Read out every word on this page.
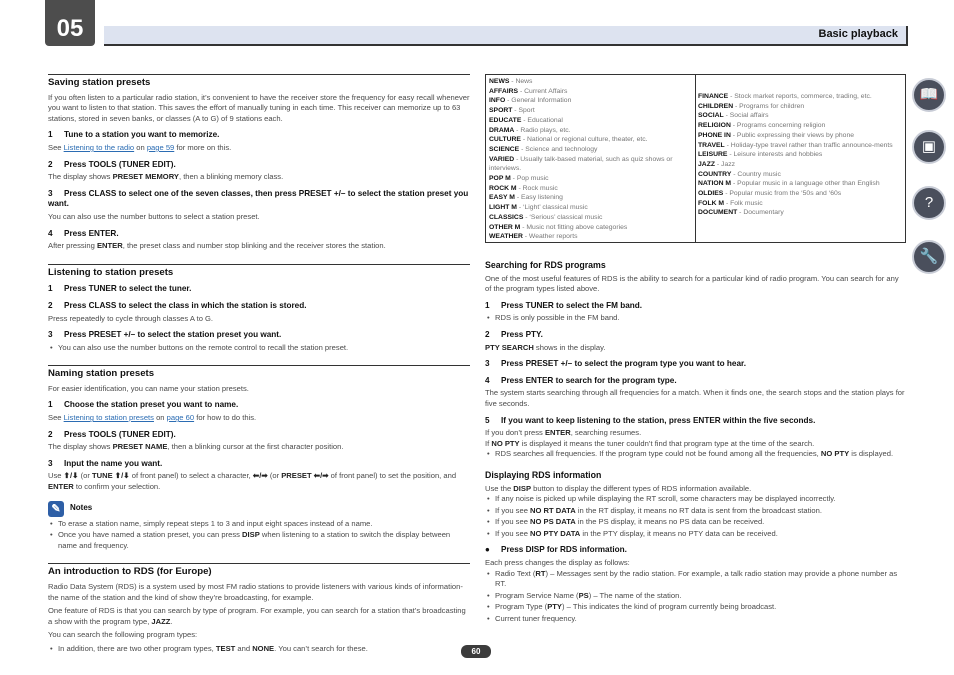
05	Basic playback
Saving station presets

If you often listen to a particular radio station, it’s convenient to have the receiver store the frequency for easy recall whenever you want to listen to that station. This saves the effort of manually tuning in each time. This receiver can memorize up to 63 stations, stored in seven banks, or classes (A to G) of 9 stations each.

1 Tune to a station you want to memorize.

See Listening to the radio on page 59 for more on this.

2 Press TOOLS (TUNER EDIT).

The display shows PRESET MEMORY, then a blinking memory class.

3 Press CLASS to select one of the seven classes, then press PRESET +/– to select the station preset you want.

You can also use the number buttons to select a station preset.

4 Press ENTER.

After pressing ENTER, the preset class and number stop blinking and the receiver stores the station.

Listening to station presets
1 Press TUNER to select the tuner.
2 Press CLASS to select the class in which the station is stored.

Press repeatedly to cycle through classes A to G.

3 Press PRESET +/– to select the station preset you want.

• You can also use the number buttons on the remote control to recall the station preset.

Naming station presets

For easier identification, you can name your station presets.

1 Choose the station preset you want to name.

See Listening to station presets on page 60 for how to do this.

2 Press TOOLS (TUNER EDIT).

The display shows PRESET NAME, then a blinking cursor at the first character position.

3 Input the name you want.

Use ⬆/⬇ (or TUNE ⬆/⬇ of front panel) to select a character, ⬅/➡ (or PRESET ⬅/➡ of front panel) to set the position, and ENTER to confirm your selection.

✎	Notes

• To erase a station name, simply repeat steps 1 to 3 and input eight spaces instead of a name.

• Once you have named a station preset, you can press DISP when listening to a station to switch the display between name and frequency.

An introduction to RDS (for Europe)

Radio Data System (RDS) is a system used by most FM radio stations to provide listeners with various kinds of information-the name of the station and the kind of show they’re broadcasting, for example.

One feature of RDS is that you can search by type of program. For example, you can search for a station that’s broadcasting a show with the program type, JAZZ.

You can search the following program types:

• In addition, there are two other program types, TEST and NONE. You can’t search for these.

NEWS - News
AFFAIRS - Current Affairs
INFO - General Information
SPORT - Sport
EDUCATE - Educational
DRAMA - Radio plays, etc.
CULTURE - National or regional culture, theater, etc.
SCIENCE - Science and technology
VARIED - Usually talk-based material, such as quiz shows or interviews.
POP M - Pop music
ROCK M - Rock music
EASY M - Easy listening
LIGHT M - ‘Light’ classical music
CLASSICS - ‘Serious’ classical music
OTHER M - Music not fitting above categories
WEATHER - Weather reports
FINANCE - Stock market reports, commerce, trading, etc.
CHILDREN - Programs for children
SOCIAL - Social affairs
RELIGION - Programs concerning religion
PHONE IN - Public expressing their views by phone
TRAVEL - Holiday-type travel rather than traffic announce-ments
LEISURE - Leisure interests and hobbies
JAZZ - Jazz
COUNTRY - Country music
NATION M - Popular music in a language other than English
OLDIES - Popular music from the ‘50s and ‘60s
FOLK M - Folk music
DOCUMENT - Documentary
Searching for RDS programs

One of the most useful features of RDS is the ability to search for a particular kind of radio program. You can search for any of the program types listed above.

1 Press TUNER to select the FM band.

• RDS is only possible in the FM band.

2 Press PTY.

PTY SEARCH shows in the display.

3 Press PRESET +/– to select the program type you want to hear.
4 Press ENTER to search for the program type.

The system starts searching through all frequencies for a match. When it finds one, the search stops and the station plays for five seconds.

5 If you want to keep listening to the station, press ENTER within the five seconds.

If you don’t press ENTER, searching resumes.

If NO PTY is displayed it means the tuner couldn’t find that program type at the time of the search.

• RDS searches all frequencies. If the program type could not be found among all the frequencies, NO PTY is displayed.

Displaying RDS information

Use the DISP button to display the different types of RDS information available.

• If any noise is picked up while displaying the RT scroll, some characters may be displayed incorrectly.

• If you see NO RT DATA in the RT display, it means no RT data is sent from the broadcast station.

• If you see NO PS DATA in the PS display, it means no PS data can be received.

• If you see NO PTY DATA in the PTY display, it means no PTY data can be received.

● Press DISP for RDS information.

Each press changes the display as follows:

• Radio Text (RT) – Messages sent by the radio station. For example, a talk radio station may provide a phone number as RT.

• Program Service Name (PS) – The name of the station.

• Program Type (PTY) – This indicates the kind of program currently being broadcast.

• Current tuner frequency.

📖
▣
?
🔧
60
